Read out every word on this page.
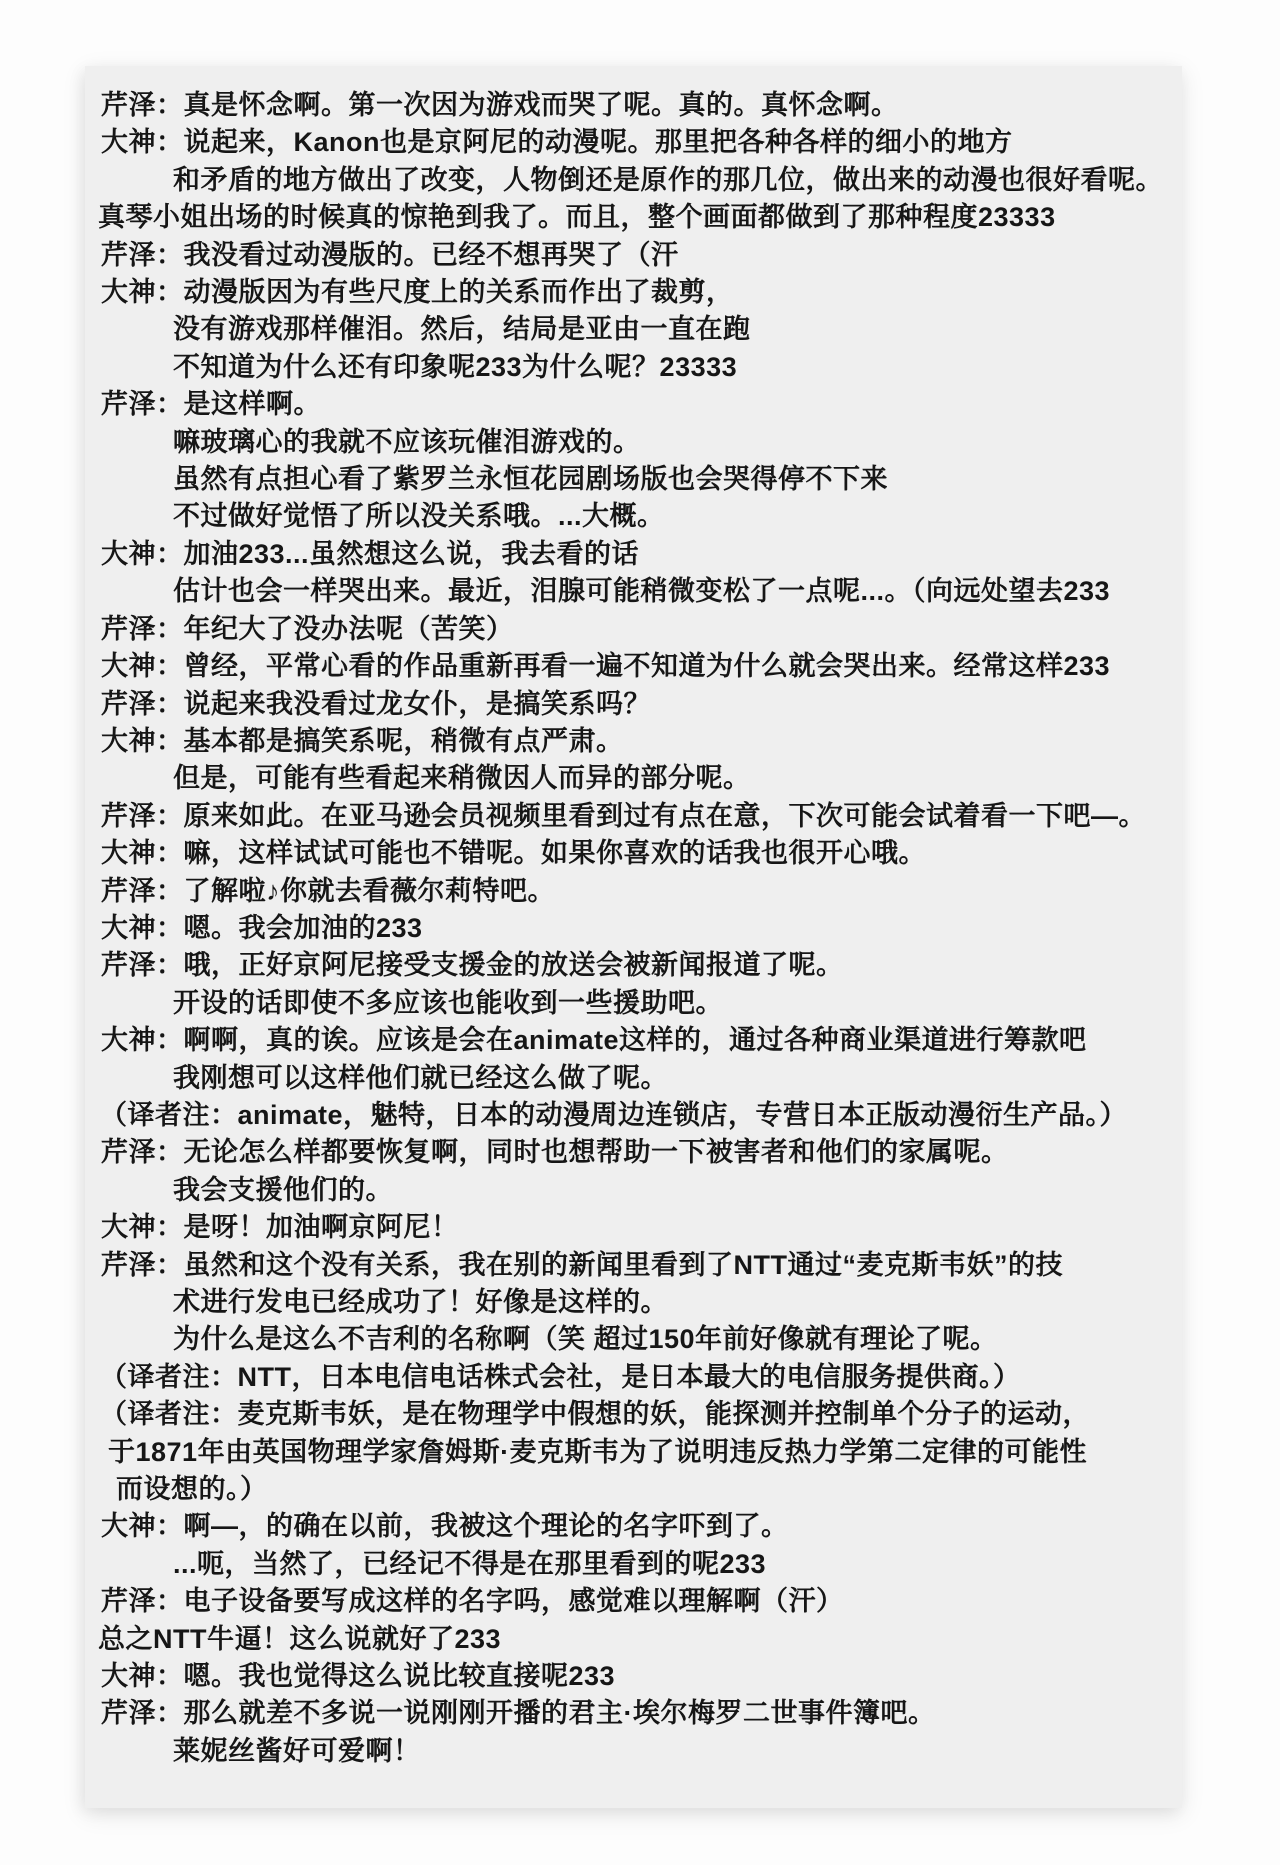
芹泽：真是怀念啊。第一次因为游戏而哭了呢。真的。真怀念啊。
大神：说起来，Kanon也是京阿尼的动漫呢。那里把各种各样的细小的地方
和矛盾的地方做出了改变，人物倒还是原作的那几位，做出来的动漫也很好看呢。
真琴小姐出场的时候真的惊艳到我了。而且，整个画面都做到了那种程度23333
芹泽：我没看过动漫版的。已经不想再哭了（汗
大神：动漫版因为有些尺度上的关系而作出了裁剪，
没有游戏那样催泪。然后，结局是亚由一直在跑
不知道为什么还有印象呢233为什么呢？23333
芹泽：是这样啊。
嘛玻璃心的我就不应该玩催泪游戏的。
虽然有点担心看了紫罗兰永恒花园剧场版也会哭得停不下来
不过做好觉悟了所以没关系哦。...大概。
大神：加油233...虽然想这么说，我去看的话
估计也会一样哭出来。最近，泪腺可能稍微变松了一点呢...。（向远处望去233
芹泽：年纪大了没办法呢（苦笑）
大神：曾经，平常心看的作品重新再看一遍不知道为什么就会哭出来。经常这样233
芹泽：说起来我没看过龙女仆，是搞笑系吗？
大神：基本都是搞笑系呢，稍微有点严肃。
但是，可能有些看起来稍微因人而异的部分呢。
芹泽：原来如此。在亚马逊会员视频里看到过有点在意，下次可能会试着看一下吧—。
大神：嘛，这样试试可能也不错呢。如果你喜欢的话我也很开心哦。
芹泽：了解啦♪你就去看薇尔莉特吧。
大神：嗯。我会加油的233
芹泽：哦，正好京阿尼接受支援金的放送会被新闻报道了呢。
开设的话即使不多应该也能收到一些援助吧。
大神：啊啊，真的诶。应该是会在animate这样的，通过各种商业渠道进行筹款吧
我刚想可以这样他们就已经这么做了呢。
（译者注：animate，魅特，日本的动漫周边连锁店，专营日本正版动漫衍生产品。）
芹泽：无论怎么样都要恢复啊，同时也想帮助一下被害者和他们的家属呢。
我会支援他们的。
大神：是呀！加油啊京阿尼！
芹泽：虽然和这个没有关系，我在别的新闻里看到了NTT通过“麦克斯韦妖”的技
术进行发电已经成功了！好像是这样的。
为什么是这么不吉利的名称啊（笑 超过150年前好像就有理论了呢。
（译者注：NTT，日本电信电话株式会社，是日本最大的电信服务提供商。）
（译者注：麦克斯韦妖，是在物理学中假想的妖，能探测并控制单个分子的运动，
于1871年由英国物理学家詹姆斯·麦克斯韦为了说明违反热力学第二定律的可能性
而设想的。）
大神：啊—，的确在以前，我被这个理论的名字吓到了。
...呃，当然了，已经记不得是在那里看到的呢233
芹泽：电子设备要写成这样的名字吗，感觉难以理解啊（汗）
总之NTT牛逼！这么说就好了233
大神：嗯。我也觉得这么说比较直接呢233
芹泽：那么就差不多说一说刚刚开播的君主·埃尔梅罗二世事件簿吧。
莱妮丝酱好可爱啊！
